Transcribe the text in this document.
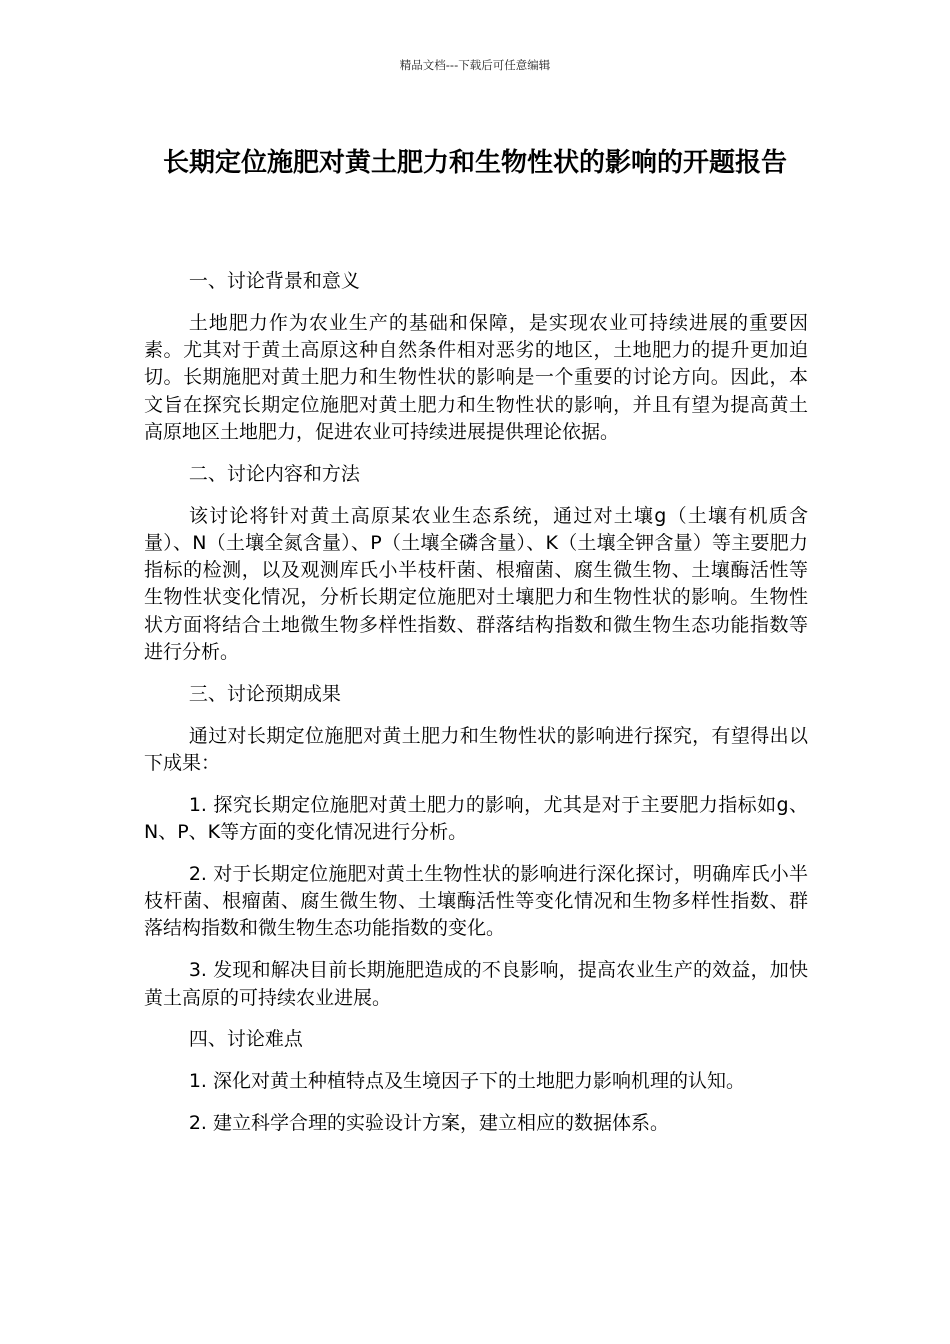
精品文档---下载后可任意编辑
长期定位施肥对黄土肥力和生物性状的影响的开题报告
一、讨论背景和意义

土地肥力作为农业生产的基础和保障，是实现农业可持续进展的重要因素。尤其对于黄土高原这种自然条件相对恶劣的地区，土地肥力的提升更加迫切。长期施肥对黄土肥力和生物性状的影响是一个重要的讨论方向。因此，本文旨在探究长期定位施肥对黄土肥力和生物性状的影响，并且有望为提高黄土高原地区土地肥力，促进农业可持续进展提供理论依据。

二、讨论内容和方法

该讨论将针对黄土高原某农业生态系统，通过对土壤g（土壤有机质含量）、N（土壤全氮含量）、P（土壤全磷含量）、K（土壤全钾含量）等主要肥力指标的检测，以及观测库氏小半枝杆菌、根瘤菌、腐生微生物、土壤酶活性等生物性状变化情况，分析长期定位施肥对土壤肥力和生物性状的影响。生物性状方面将结合土地微生物多样性指数、群落结构指数和微生物生态功能指数等进行分析。

三、讨论预期成果

通过对长期定位施肥对黄土肥力和生物性状的影响进行探究，有望得出以下成果：

1. 探究长期定位施肥对黄土肥力的影响，尤其是对于主要肥力指标如g、N、P、K等方面的变化情况进行分析。

2. 对于长期定位施肥对黄土生物性状的影响进行深化探讨，明确库氏小半枝杆菌、根瘤菌、腐生微生物、土壤酶活性等变化情况和生物多样性指数、群落结构指数和微生物生态功能指数的变化。

3. 发现和解决目前长期施肥造成的不良影响，提高农业生产的效益，加快黄土高原的可持续农业进展。

四、讨论难点

1. 深化对黄土种植特点及生境因子下的土地肥力影响机理的认知。

2. 建立科学合理的实验设计方案，建立相应的数据体系。
